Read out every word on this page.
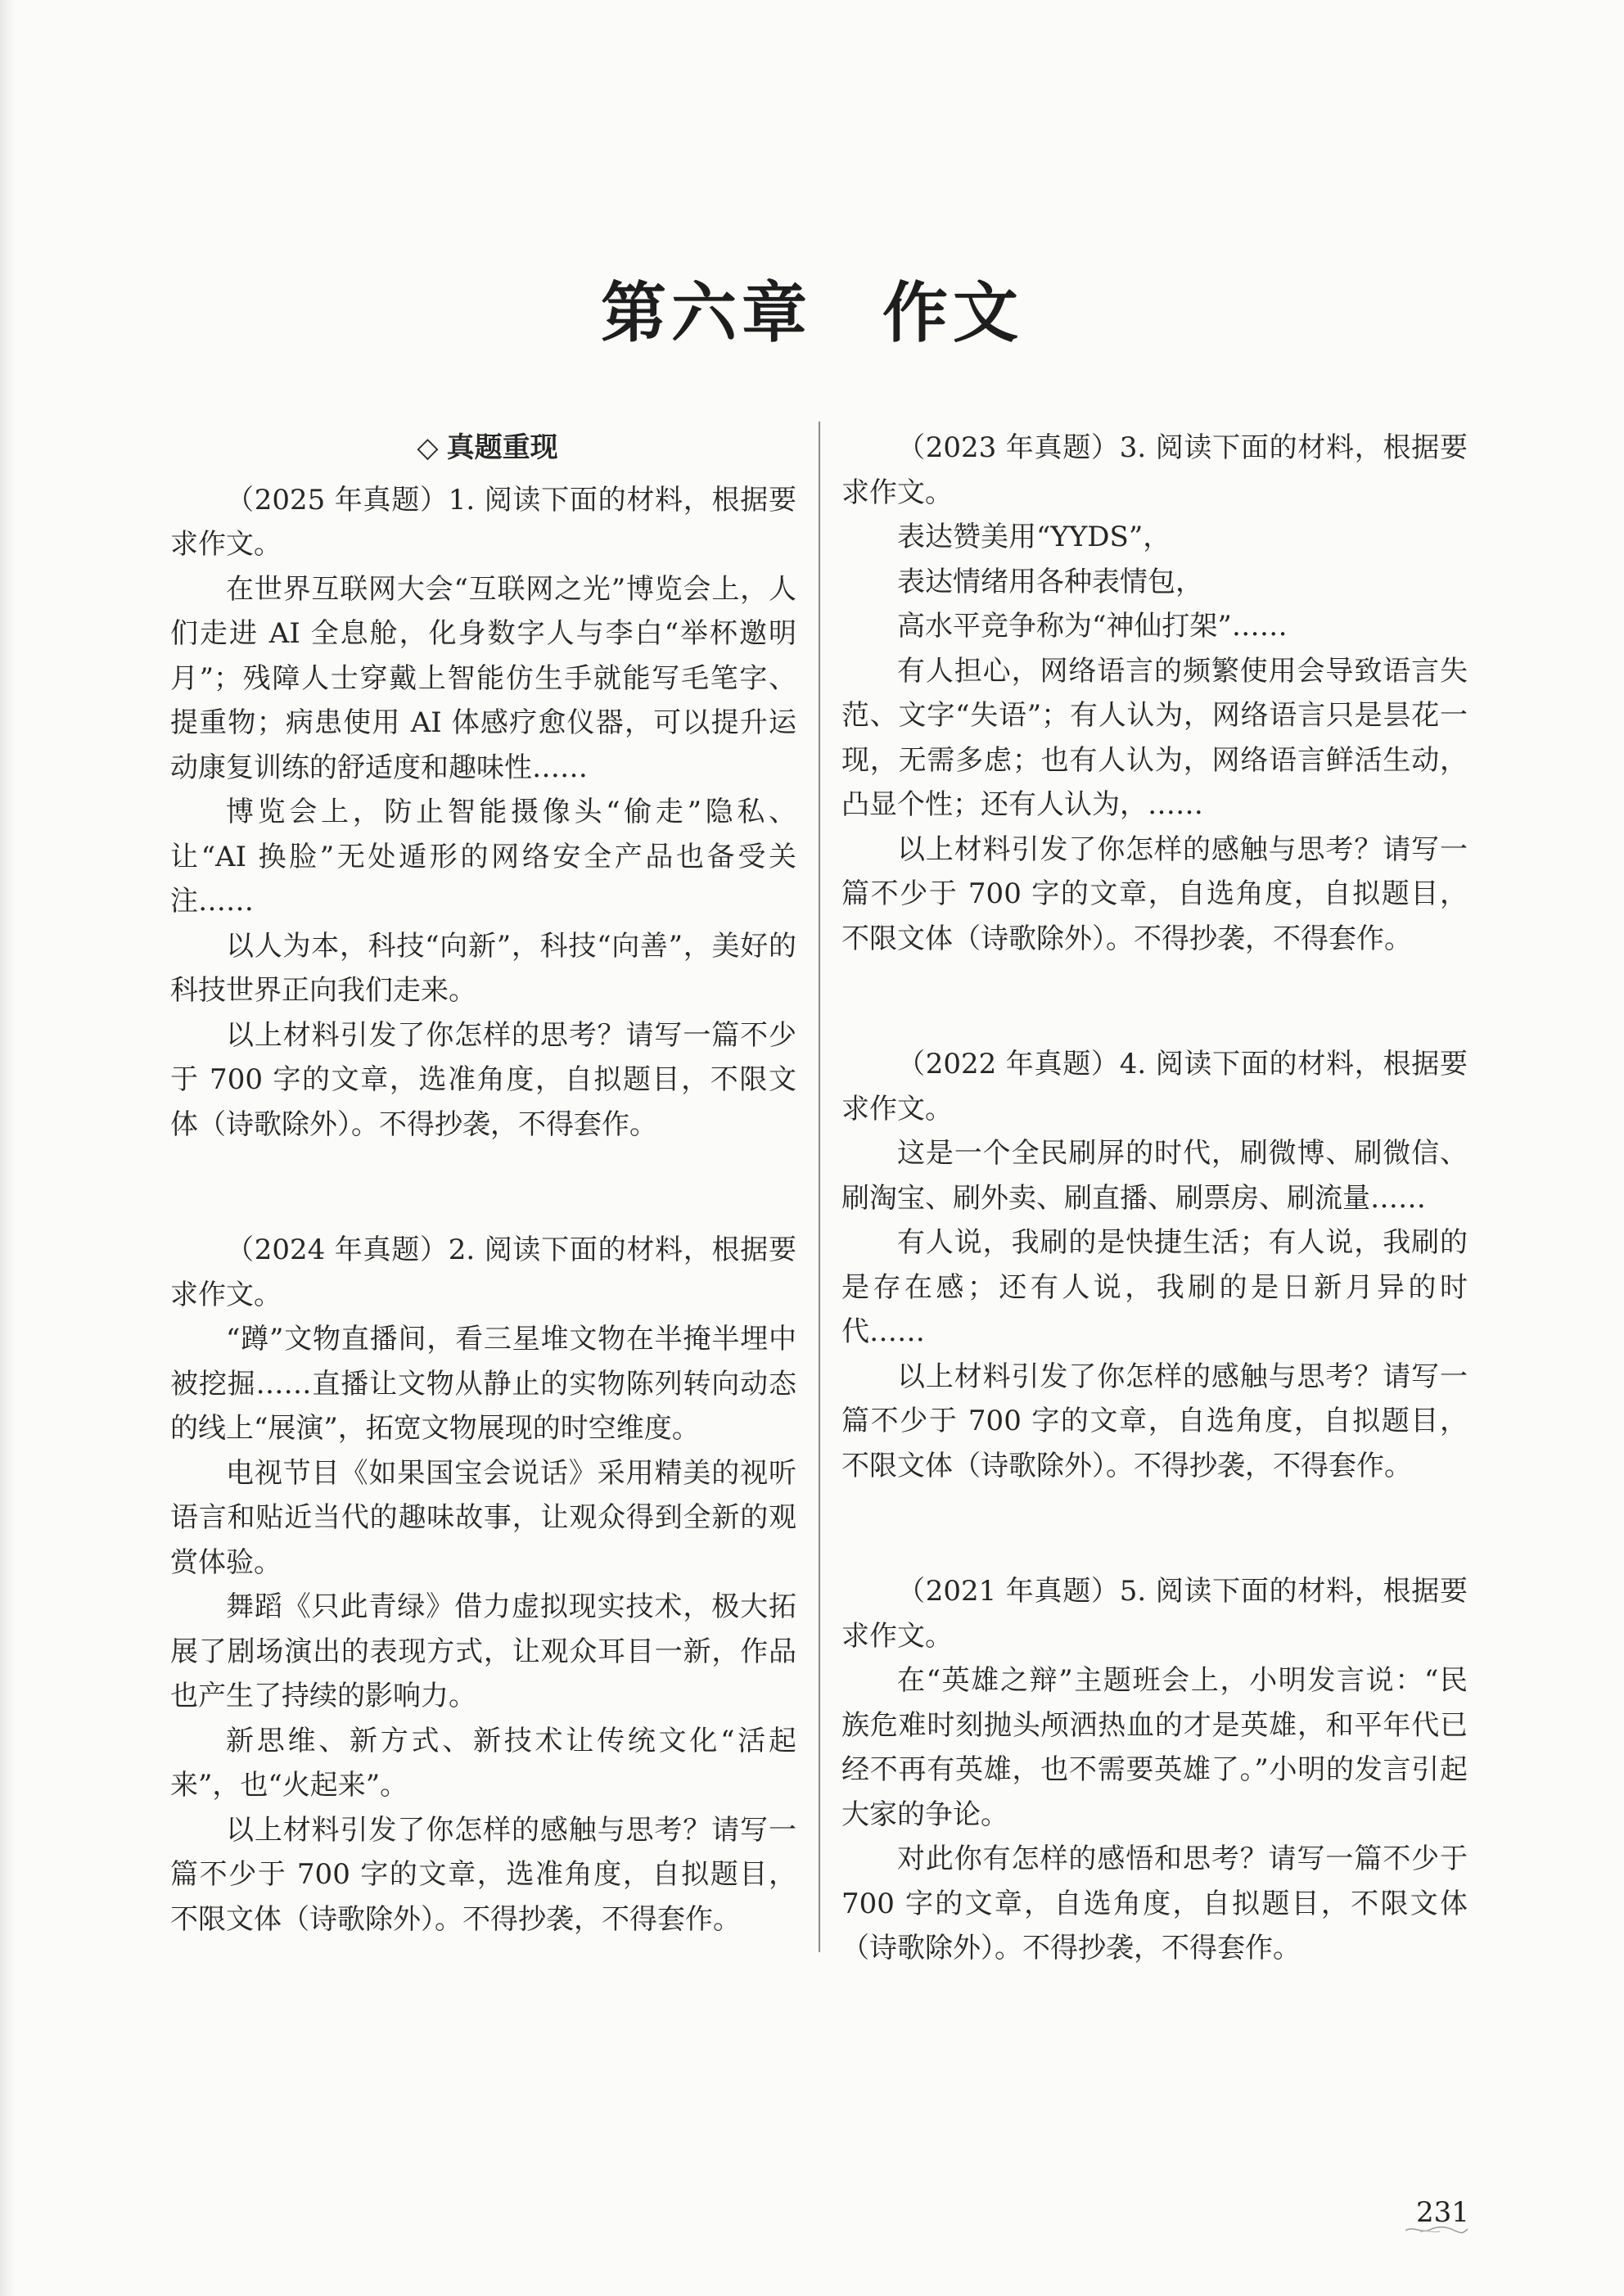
第六章　作文
◇ 真题重现

（2025 年真题）1. 阅读下面的材料，根据要求作文。

在世界互联网大会“互联网之光”博览会上，人们走进 AI 全息舱，化身数字人与李白“举杯邀明月”；残障人士穿戴上智能仿生手就能写毛笔字、提重物；病患使用 AI 体感疗愈仪器，可以提升运动康复训练的舒适度和趣味性……

博览会上，防止智能摄像头“偷走”隐私、让“AI 换脸”无处遁形的网络安全产品也备受关注……

以人为本，科技“向新”，科技“向善”，美好的科技世界正向我们走来。

以上材料引发了你怎样的思考？请写一篇不少于 700 字的文章，选准角度，自拟题目，不限文体（诗歌除外）。不得抄袭，不得套作。

（2024 年真题）2. 阅读下面的材料，根据要求作文。

“蹲”文物直播间，看三星堆文物在半掩半埋中被挖掘……直播让文物从静止的实物陈列转向动态的线上“展演”，拓宽文物展现的时空维度。

电视节目《如果国宝会说话》采用精美的视听语言和贴近当代的趣味故事，让观众得到全新的观赏体验。

舞蹈《只此青绿》借力虚拟现实技术，极大拓展了剧场演出的表现方式，让观众耳目一新，作品也产生了持续的影响力。

新思维、新方式、新技术让传统文化“活起来”，也“火起来”。

以上材料引发了你怎样的感触与思考？请写一篇不少于 700 字的文章，选准角度，自拟题目，不限文体（诗歌除外）。不得抄袭，不得套作。

（2023 年真题）3. 阅读下面的材料，根据要求作文。

表达赞美用“YYDS”，

表达情绪用各种表情包，

高水平竞争称为“神仙打架”……

有人担心，网络语言的频繁使用会导致语言失范、文字“失语”；有人认为，网络语言只是昙花一现，无需多虑；也有人认为，网络语言鲜活生动，凸显个性；还有人认为，……

以上材料引发了你怎样的感触与思考？请写一篇不少于 700 字的文章，自选角度，自拟题目，不限文体（诗歌除外）。不得抄袭，不得套作。

（2022 年真题）4. 阅读下面的材料，根据要求作文。

这是一个全民刷屏的时代，刷微博、刷微信、刷淘宝、刷外卖、刷直播、刷票房、刷流量……

有人说，我刷的是快捷生活；有人说，我刷的是存在感；还有人说，我刷的是日新月异的时代……

以上材料引发了你怎样的感触与思考？请写一篇不少于 700 字的文章，自选角度，自拟题目，不限文体（诗歌除外）。不得抄袭，不得套作。

（2021 年真题）5. 阅读下面的材料，根据要求作文。

在“英雄之辩”主题班会上，小明发言说：“民族危难时刻抛头颅洒热血的才是英雄，和平年代已经不再有英雄，也不需要英雄了。”小明的发言引起大家的争论。

对此你有怎样的感悟和思考？请写一篇不少于 700 字的文章，自选角度，自拟题目，不限文体（诗歌除外）。不得抄袭，不得套作。

231
